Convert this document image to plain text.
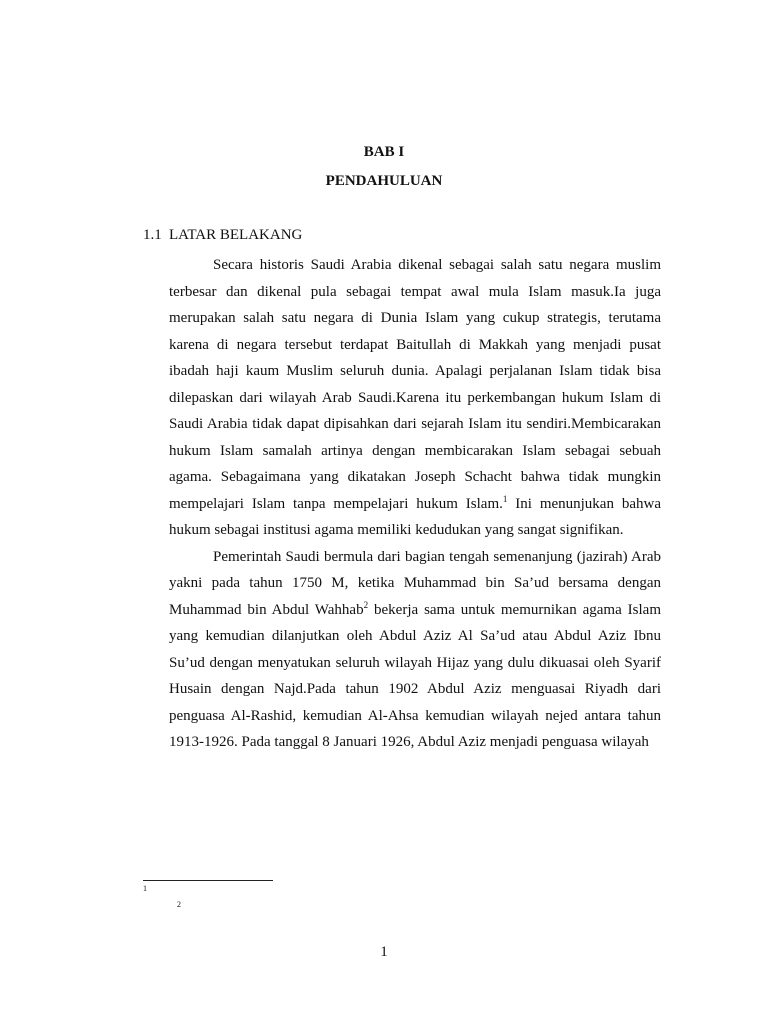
BAB I
PENDAHULUAN
1.1 LATAR BELAKANG

Secara historis Saudi Arabia dikenal sebagai salah satu negara muslim terbesar dan dikenal pula sebagai tempat awal mula Islam masuk.Ia juga merupakan salah satu negara di Dunia Islam yang cukup strategis, terutama karena di negara tersebut terdapat Baitullah di Makkah yang menjadi pusat ibadah haji kaum Muslim seluruh dunia. Apalagi perjalanan Islam tidak bisa dilepaskan dari wilayah Arab Saudi.Karena itu perkembangan hukum Islam di Saudi Arabia tidak dapat dipisahkan dari sejarah Islam itu sendiri.Membicarakan hukum Islam samalah artinya dengan membicarakan Islam sebagai sebuah agama. Sebagaimana yang dikatakan Joseph Schacht bahwa tidak mungkin mempelajari Islam tanpa mempelajari hukum Islam.$^1$ Ini menunjukan bahwa hukum sebagai institusi agama memiliki kedudukan yang sangat signifikan.

Pemerintah Saudi bermula dari bagian tengah semenanjung (jazirah) Arab yakni pada tahun 1750 M, ketika Muhammad bin Sa’ud bersama dengan Muhammad bin Abdul Wahhab$^2$ bekerja sama untuk memurnikan agama Islam yang kemudian dilanjutkan oleh Abdul Aziz Al Sa’ud atau Abdul Aziz Ibnu Su’ud dengan menyatukan seluruh wilayah Hijaz yang dulu dikuasai oleh Syarif Husain dengan Najd.Pada tahun 1902 Abdul Aziz menguasai Riyadh dari penguasa Al-Rashid, kemudian Al-Ahsa kemudian wilayah nejed antara tahun 1913-1926. Pada tanggal 8 Januari 1926, Abdul Aziz menjadi penguasa wilayah

1
2
1
